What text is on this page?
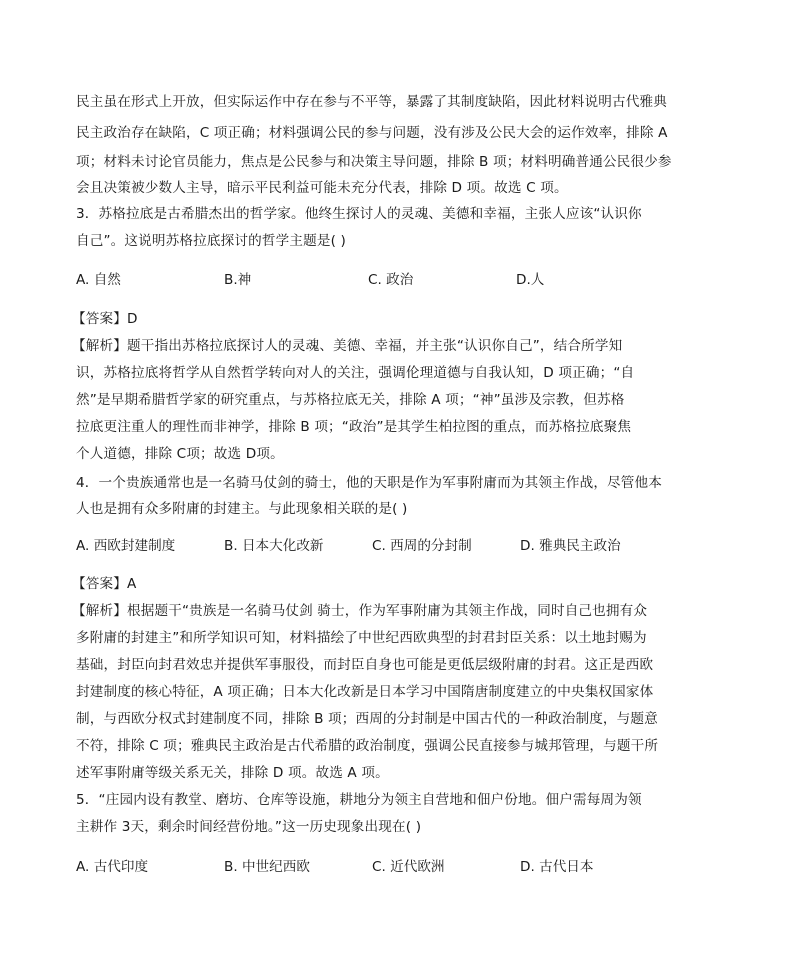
民主虽在形式上开放，但实际运作中存在参与不平等，暴露了其制度缺陷，因此材料说明古代雅典
民主政治存在缺陷，C 项正确；材料强调公民的参与问题，没有涉及公民大会的运作效率，排除 A
项；材料未讨论官员能力，焦点是公民参与和决策主导问题，排除 B 项；材料明确普通公民很少参
会且决策被少数人主导，暗示平民利益可能未充分代表，排除 D 项。故选 C 项。
3．苏格拉底是古希腊杰出的哲学家。他终生探讨人的灵魂、美德和幸福，主张人应该“认识你
自己”。这说明苏格拉底探讨的哲学主题是( )
A. 自然	B.神	C. 政治	D.人
【答案】D
【解析】题干指出苏格拉底探讨人的灵魂、美德、幸福，并主张“认识你自己”，结合所学知
识，苏格拉底将哲学从自然哲学转向对人的关注，强调伦理道德与自我认知，D 项正确；“自
然”是早期希腊哲学家的研究重点，与苏格拉底无关，排除 A 项；“神”虽涉及宗教，但苏格
拉底更注重人的理性而非神学，排除 B 项；“政治”是其学生柏拉图的重点，而苏格拉底聚焦
个人道德，排除 C项；故选 D项。
4．一个贵族通常也是一名骑马仗剑的骑士，他的天职是作为军事附庸而为其领主作战，尽管他本
人也是拥有众多附庸的封建主。与此现象相关联的是( )
A. 西欧封建制度	B. 日本大化改新	C. 西周的分封制	D. 雅典民主政治
【答案】A
【解析】根据题干“贵族是一名骑马仗剑 骑士，作为军事附庸为其领主作战，同时自己也拥有众
多附庸的封建主”和所学知识可知，材料描绘了中世纪西欧典型的封君封臣关系：以土地封赐为
基础，封臣向封君效忠并提供军事服役，而封臣自身也可能是更低层级附庸的封君。这正是西欧
封建制度的核心特征，A 项正确；日本大化改新是日本学习中国隋唐制度建立的中央集权国家体
制，与西欧分权式封建制度不同，排除 B 项；西周的分封制是中国古代的一种政治制度，与题意
不符，排除 C 项；雅典民主政治是古代希腊的政治制度，强调公民直接参与城邦管理，与题干所
述军事附庸等级关系无关，排除 D 项。故选 A 项。
5．“庄园内设有教堂、磨坊、仓库等设施，耕地分为领主自营地和佃户份地。佃户需每周为领
主耕作 3天，剩余时间经营份地。”这一历史现象出现在( )
A. 古代印度	B. 中世纪西欧	C. 近代欧洲	D. 古代日本
